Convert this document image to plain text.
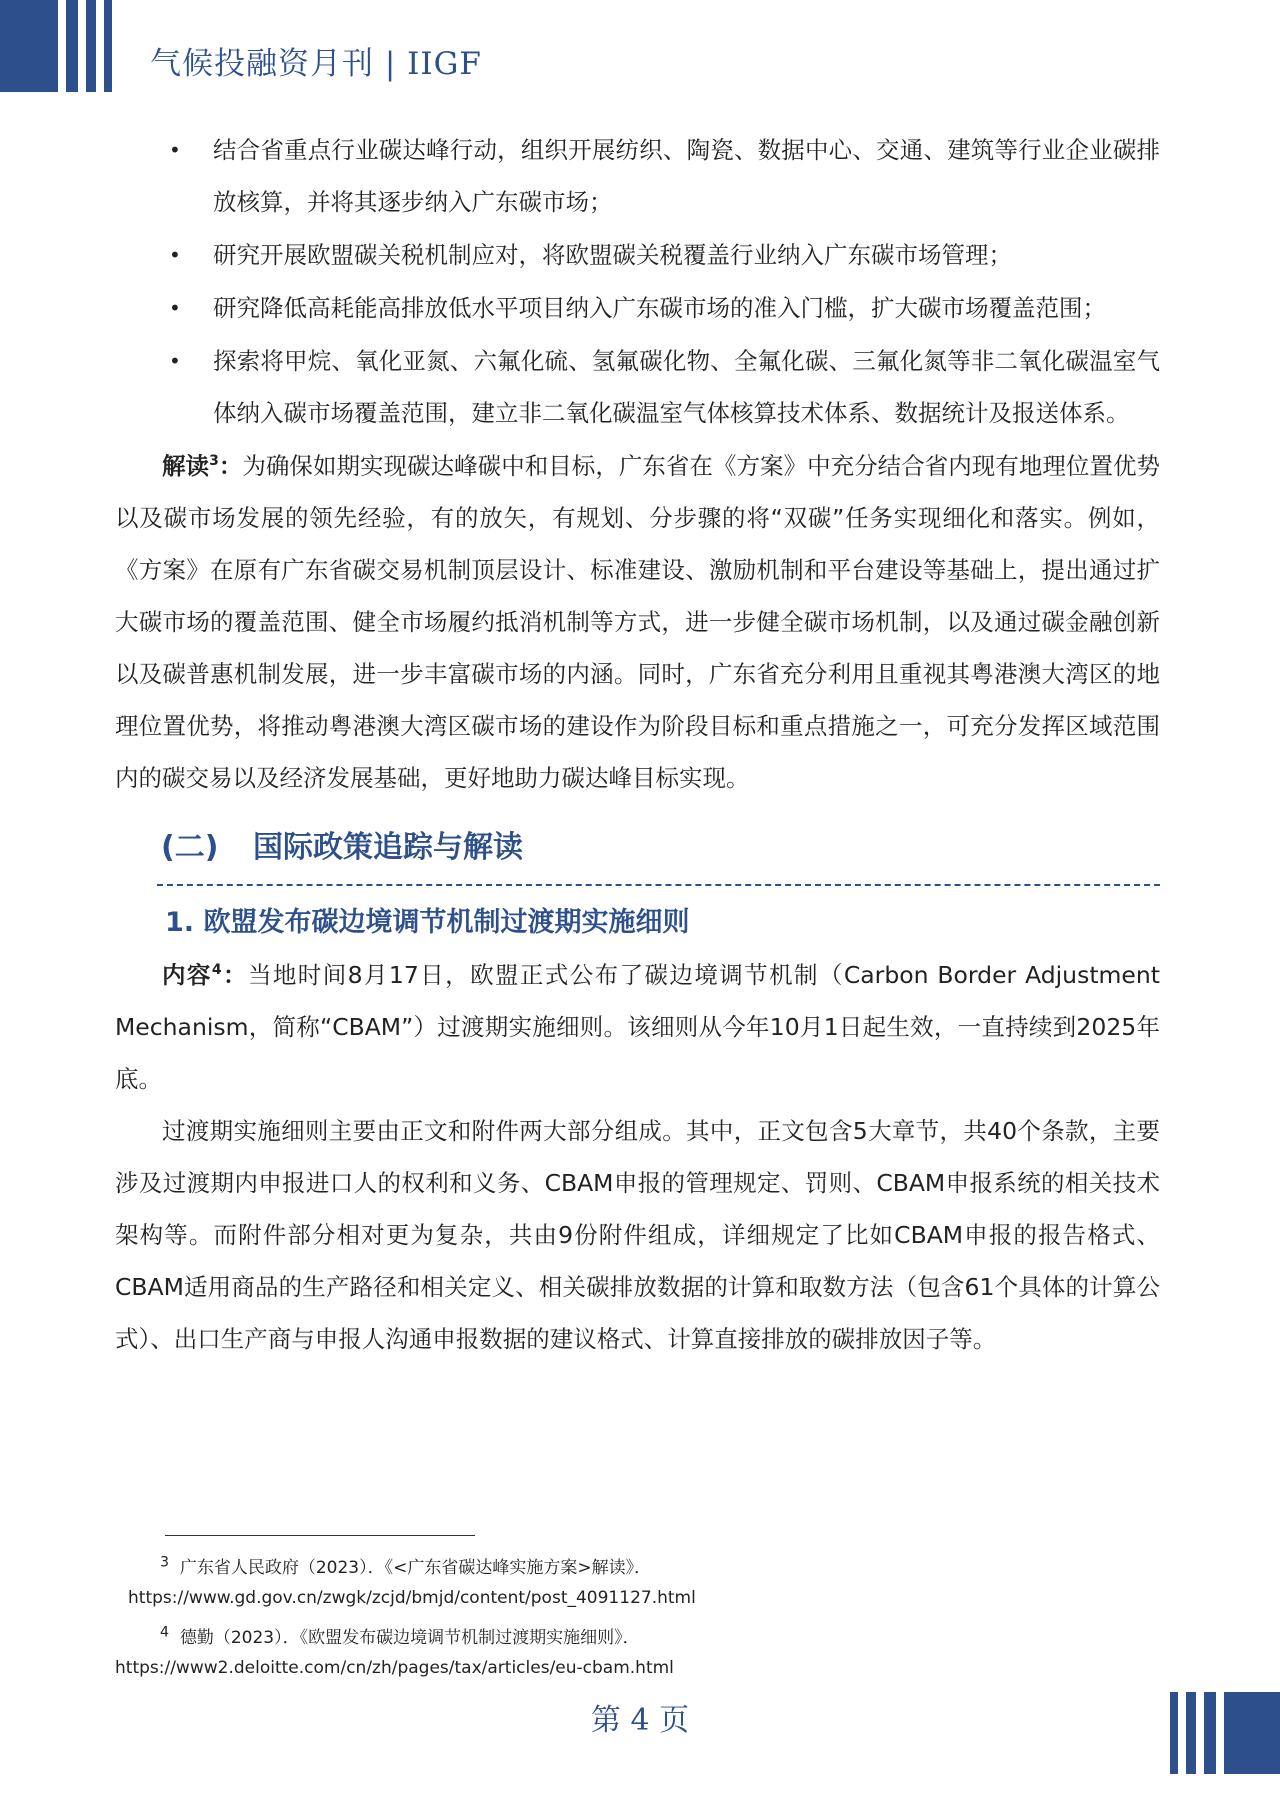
气候投融资月刊 | IIGF
• 结合省重点行业碳达峰行动，组织开展纺织、陶瓷、数据中心、交通、建筑等行业企业碳排放核算，并将其逐步纳入广东碳市场；
• 研究开展欧盟碳关税机制应对，将欧盟碳关税覆盖行业纳入广东碳市场管理；
• 研究降低高耗能高排放低水平项目纳入广东碳市场的准入门槛，扩大碳市场覆盖范围；
• 探索将甲烷、氧化亚氮、六氟化硫、氢氟碳化物、全氟化碳、三氟化氮等非二氧化碳温室气体纳入碳市场覆盖范围，建立非二氧化碳温室气体核算技术体系、数据统计及报送体系。

解读$^3$：为确保如期实现碳达峰碳中和目标，广东省在《方案》中充分结合省内现有地理位置优势以及碳市场发展的领先经验，有的放矢，有规划、分步骤的将“双碳”任务实现细化和落实。例如，《方案》在原有广东省碳交易机制顶层设计、标准建设、激励机制和平台建设等基础上，提出通过扩大碳市场的覆盖范围、健全市场履约抵消机制等方式，进一步健全碳市场机制，以及通过碳金融创新以及碳普惠机制发展，进一步丰富碳市场的内涵。同时，广东省充分利用且重视其粤港澳大湾区的地理位置优势，将推动粤港澳大湾区碳市场的建设作为阶段目标和重点措施之一，可充分发挥区域范围内的碳交易以及经济发展基础，更好地助力碳达峰目标实现。

(二) 国际政策追踪与解读
1. 欧盟发布碳边境调节机制过渡期实施细则

内容$^4$：当地时间8月17日，欧盟正式公布了碳边境调节机制（Carbon Border Adjustment Mechanism，简称“CBAM”）过渡期实施细则。该细则从今年10月1日起生效，一直持续到2025年底。

过渡期实施细则主要由正文和附件两大部分组成。其中，正文包含5大章节，共40个条款，主要涉及过渡期内申报进口人的权利和义务、CBAM申报的管理规定、罚则、CBAM申报系统的相关技术架构等。而附件部分相对更为复杂，共由9份附件组成，详细规定了比如CBAM申报的报告格式、CBAM适用商品的生产路径和相关定义、相关碳排放数据的计算和取数方法（包含61个具体的计算公式）、出口生产商与申报人沟通申报数据的建议格式、计算直接排放的碳排放因子等。

$^3$ 广东省人民政府（2023）．《<广东省碳达峰实施方案>解读》．
https://www.gd.gov.cn/zwgk/zcjd/bmjd/content/post_4091127.html
$^4$ 德勤（2023）．《欧盟发布碳边境调节机制过渡期实施细则》．
https://www2.deloitte.com/cn/zh/pages/tax/articles/eu-cbam.html
第 4 页
